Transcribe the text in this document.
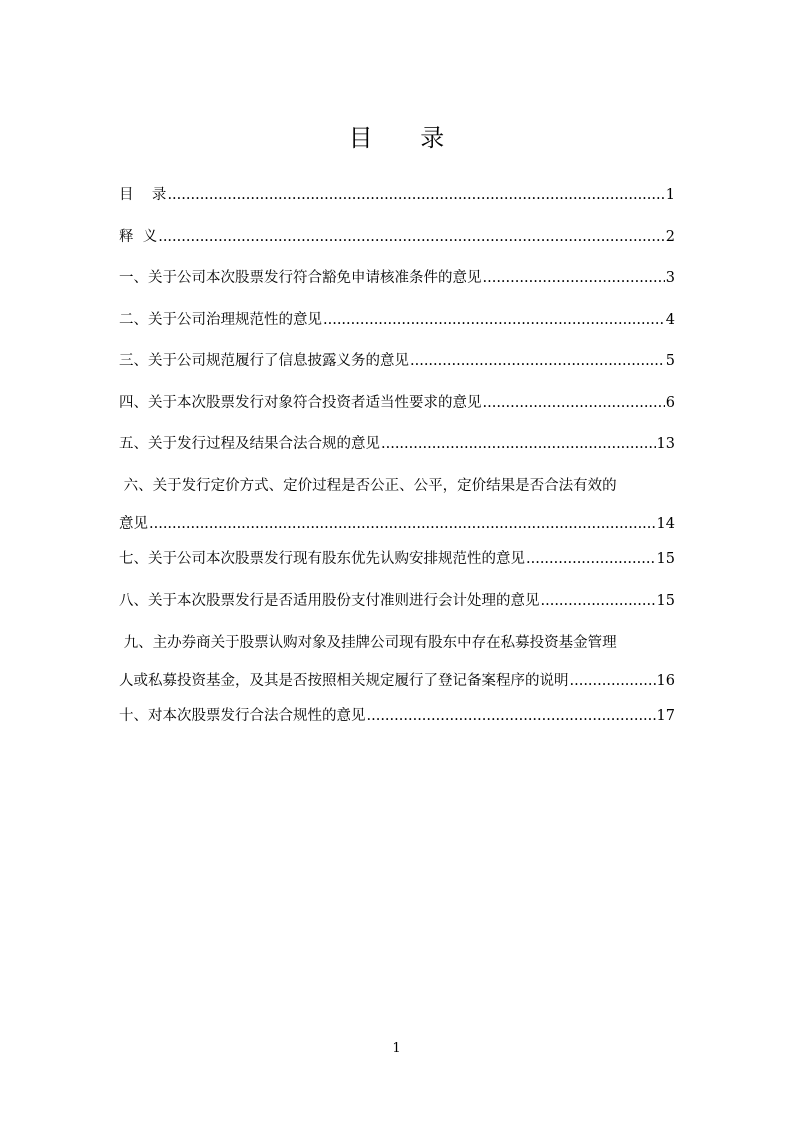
目 录
目    录 .....	1
释  义 .....	2
一、关于公司本次股票发行符合豁免申请核准条件的意见 .....	3
二、关于公司治理规范性的意见 .....	4
三、关于公司规范履行了信息披露义务的意见 .....	5
四、关于本次股票发行对象符合投资者适当性要求的意见 .....	6
五、关于发行过程及结果合法合规的意见 .....	13
六、关于发行定价方式、定价过程是否公正、公平，定价结果是否合法有效的
意见 .....	14
七、关于公司本次股票发行现有股东优先认购安排规范性的意见 .....	15
八、关于本次股票发行是否适用股份支付准则进行会计处理的意见 .....	15
九、主办券商关于股票认购对象及挂牌公司现有股东中存在私募投资基金管理
人或私募投资基金，及其是否按照相关规定履行了登记备案程序的说明 .....	16
十、对本次股票发行合法合规性的意见 .....	17
1
